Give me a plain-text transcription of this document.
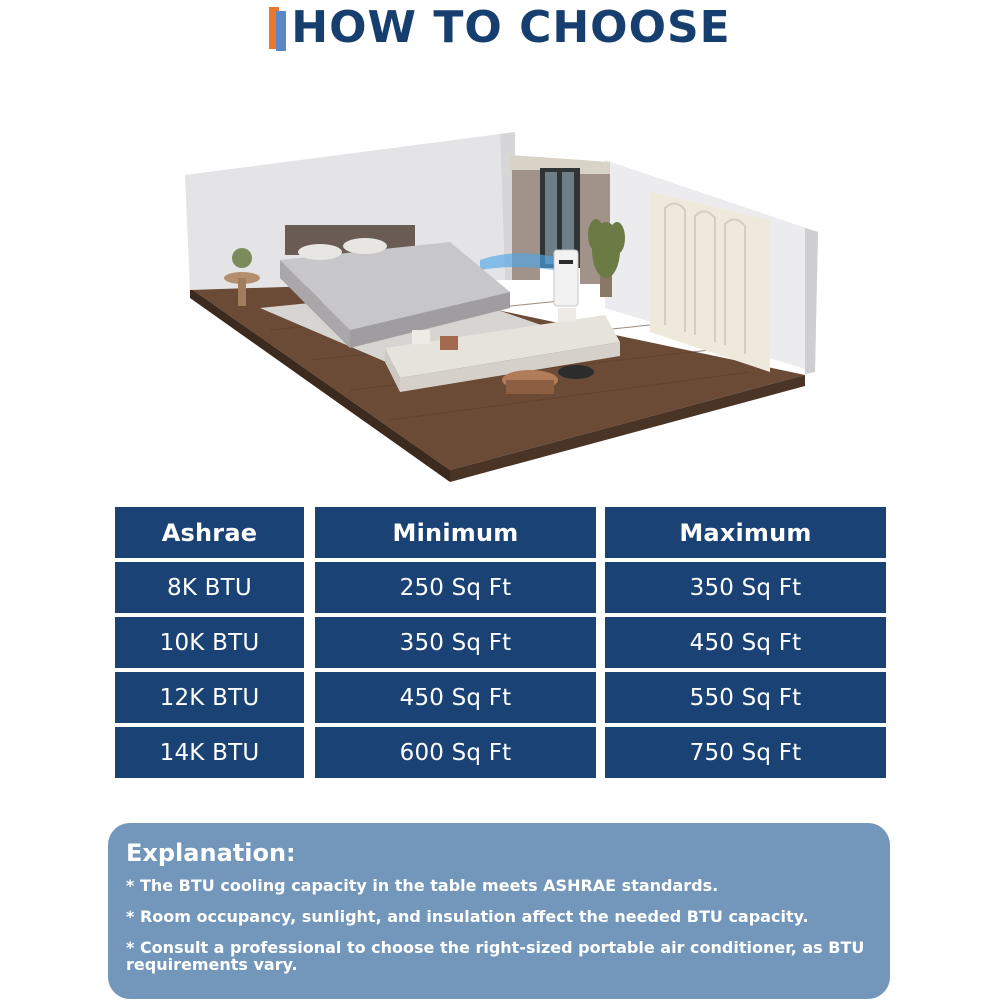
HOW TO CHOOSE
Ashrae	Minimum	Maximum
8K BTU	250 Sq Ft	350 Sq Ft
10K BTU	350 Sq Ft	450 Sq Ft
12K BTU	450 Sq Ft	550 Sq Ft
14K BTU	600 Sq Ft	750 Sq Ft
Explanation:
* The BTU cooling capacity in the table meets ASHRAE standards.
* Room occupancy, sunlight, and insulation affect the needed BTU capacity.
* Consult a professional to choose the right-sized portable air conditioner, as BTU requirements vary.
